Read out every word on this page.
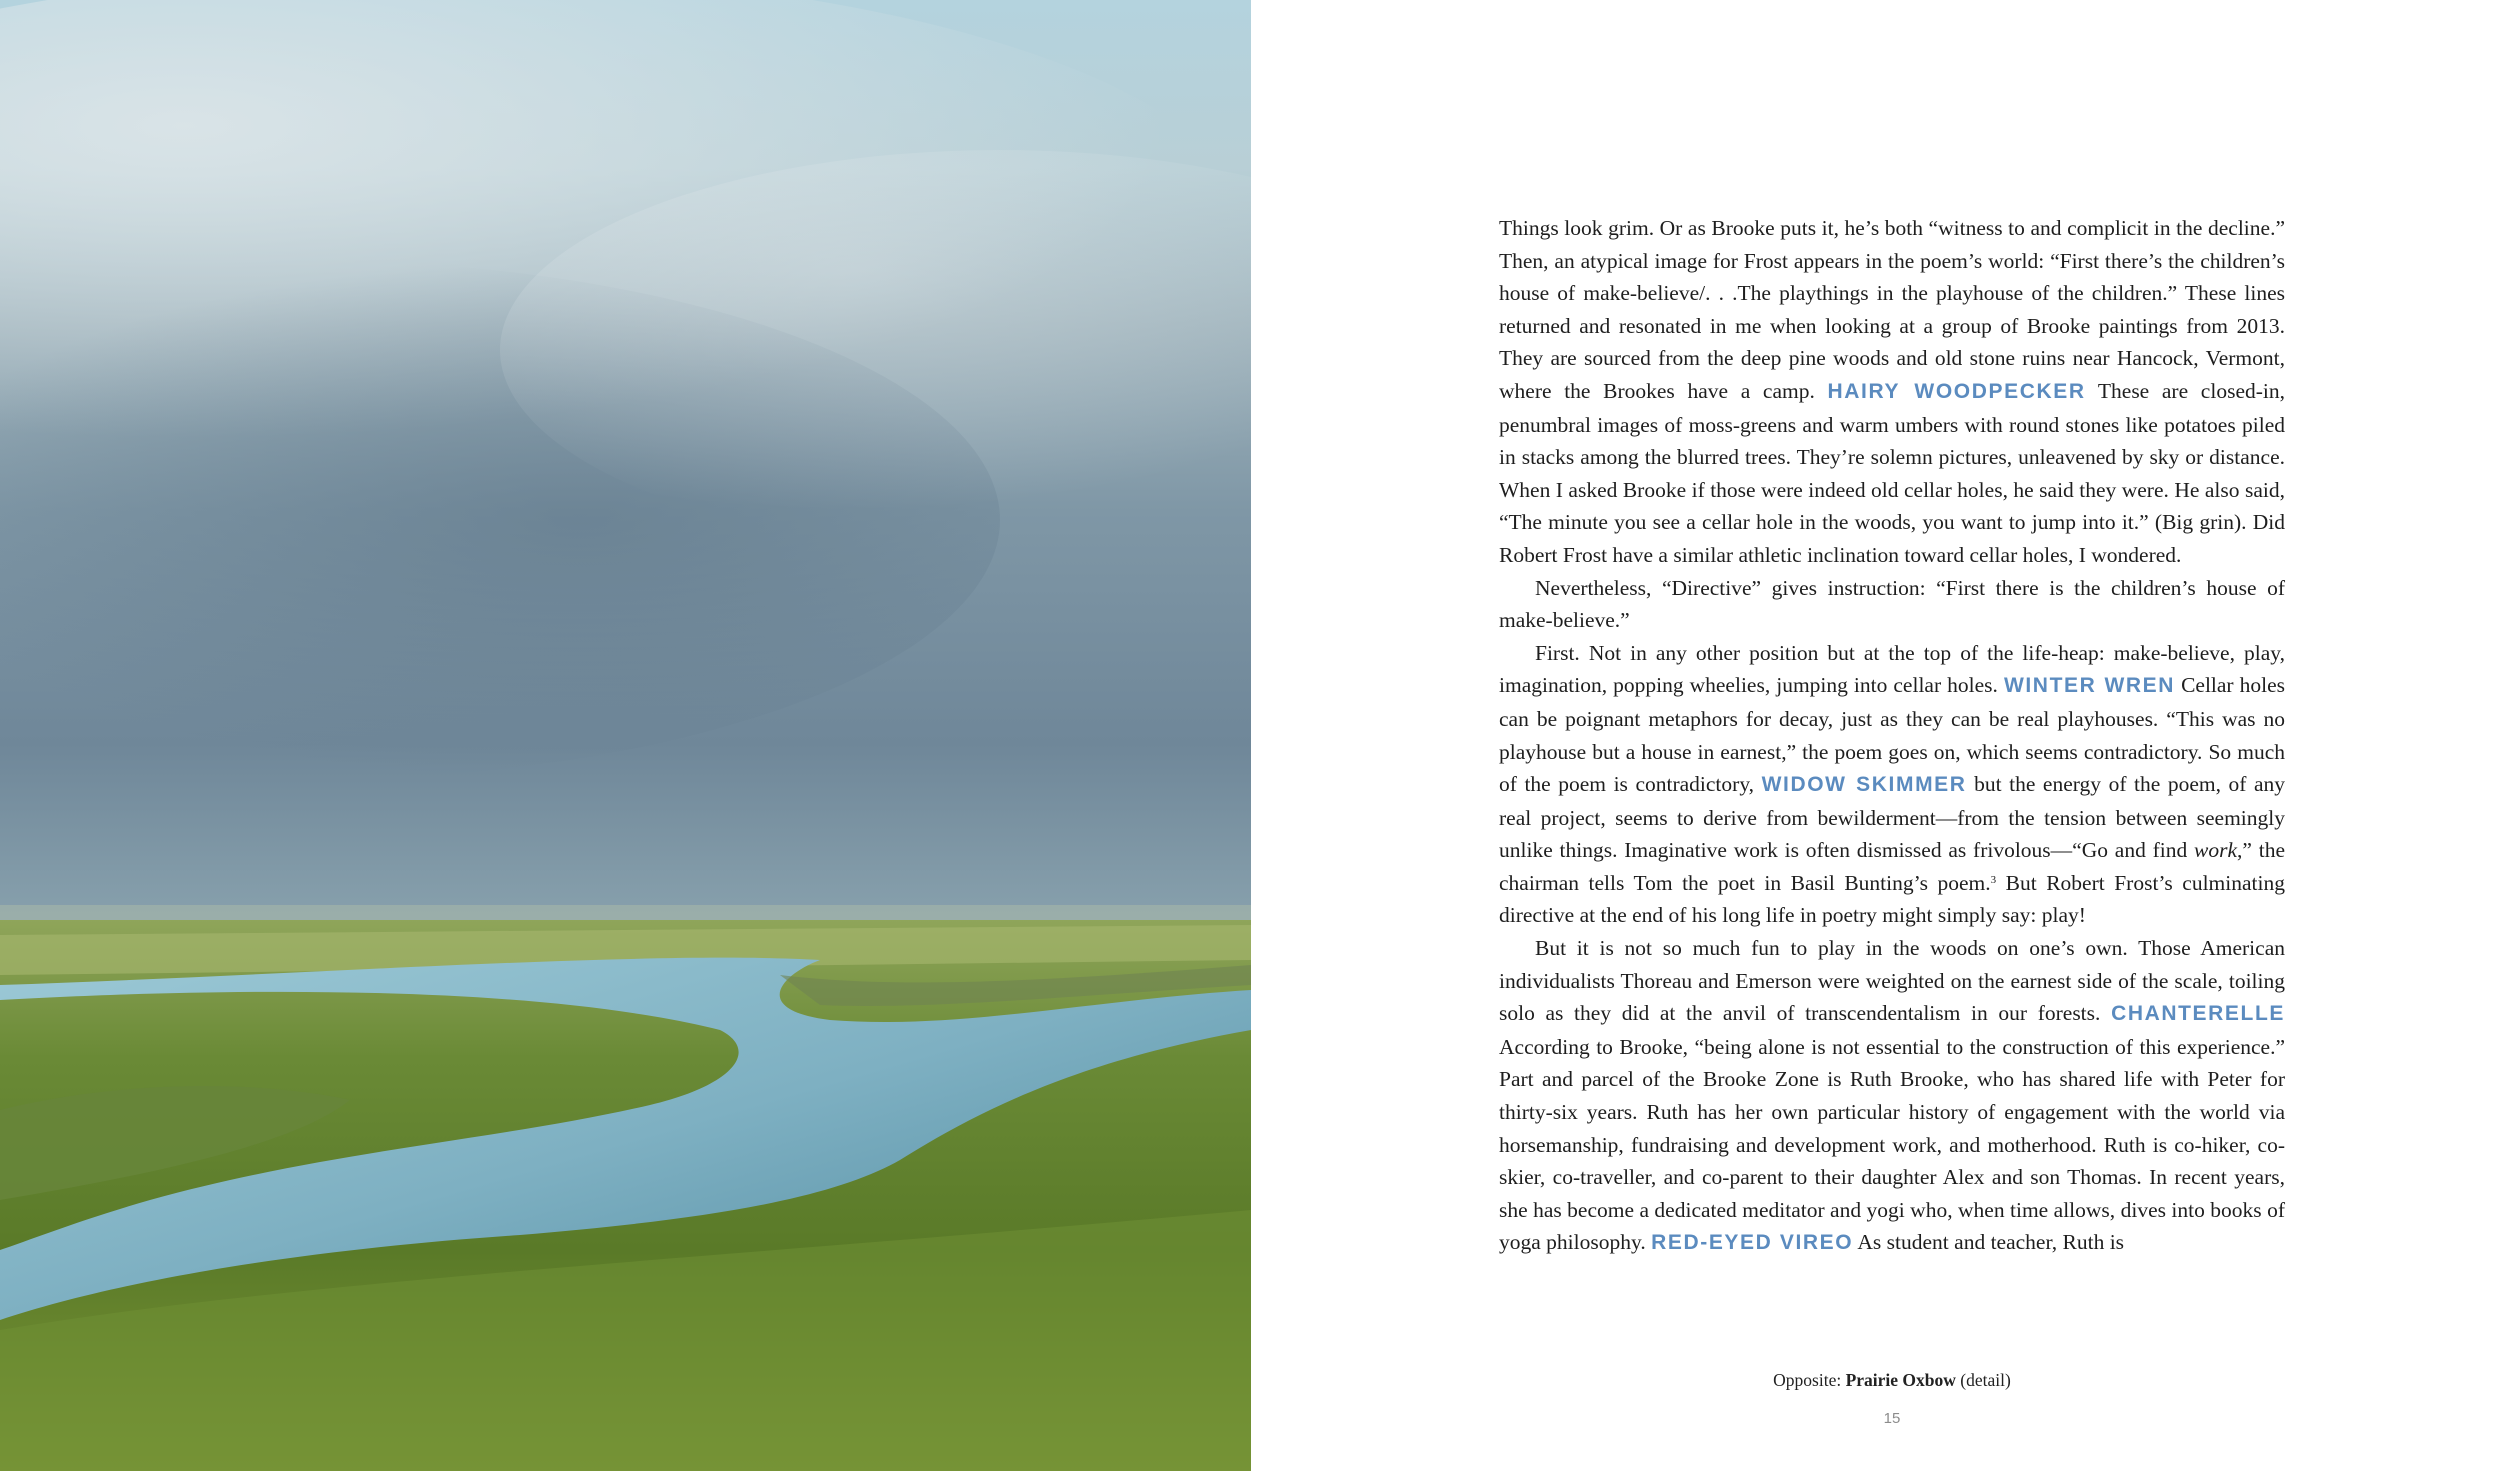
Things look grim. Or as Brooke puts it, he’s both “witness to and complicit in the decline.” Then, an atypical image for Frost appears in the poem’s world: “First there’s the children’s house of make-believe/. . .The playthings in the playhouse of the children.” These lines returned and resonated in me when looking at a group of Brooke paintings from 2013. They are sourced from the deep pine woods and old stone ruins near Hancock, Vermont, where the Brookes have a camp. HAIRY WOODPECKER These are closed-in, penumbral images of moss-greens and warm umbers with round stones like potatoes piled in stacks among the blurred trees. They’re solemn pictures, unleavened by sky or distance. When I asked Brooke if those were indeed old cellar holes, he said they were. He also said, “The minute you see a cellar hole in the woods, you want to jump into it.” (Big grin). Did Robert Frost have a similar athletic inclination toward cellar holes, I wondered.

Nevertheless, “Directive” gives instruction: “First there is the children’s house of make-believe.”

First. Not in any other position but at the top of the life-heap: make-believe, play, imagination, popping wheelies, jumping into cellar holes. WINTER WREN Cellar holes can be poignant metaphors for decay, just as they can be real playhouses. “This was no playhouse but a house in earnest,” the poem goes on, which seems contradictory. So much of the poem is contradictory, WIDOW SKIMMER but the energy of the poem, of any real project, seems to derive from bewilderment—from the tension between seemingly unlike things. Imaginative work is often dismissed as frivolous—“Go and find work,” the chairman tells Tom the poet in Basil Bunting’s poem.$^3$ But Robert Frost’s culminating directive at the end of his long life in poetry might simply say: play!

But it is not so much fun to play in the woods on one’s own. Those American individualists Thoreau and Emerson were weighted on the earnest side of the scale, toiling solo as they did at the anvil of transcendentalism in our forests. CHANTERELLE According to Brooke, “being alone is not essential to the construction of this experience.” Part and parcel of the Brooke Zone is Ruth Brooke, who has shared life with Peter for thirty-six years. Ruth has her own particular history of engagement with the world via horsemanship, fundraising and development work, and motherhood. Ruth is co-hiker, co-skier, co-traveller, and co-parent to their daughter Alex and son Thomas. In recent years, she has become a dedicated meditator and yogi who, when time allows, dives into books of yoga philosophy. RED-EYED VIREO As student and teacher, Ruth is

Opposite: Prairie Oxbow (detail)
15
